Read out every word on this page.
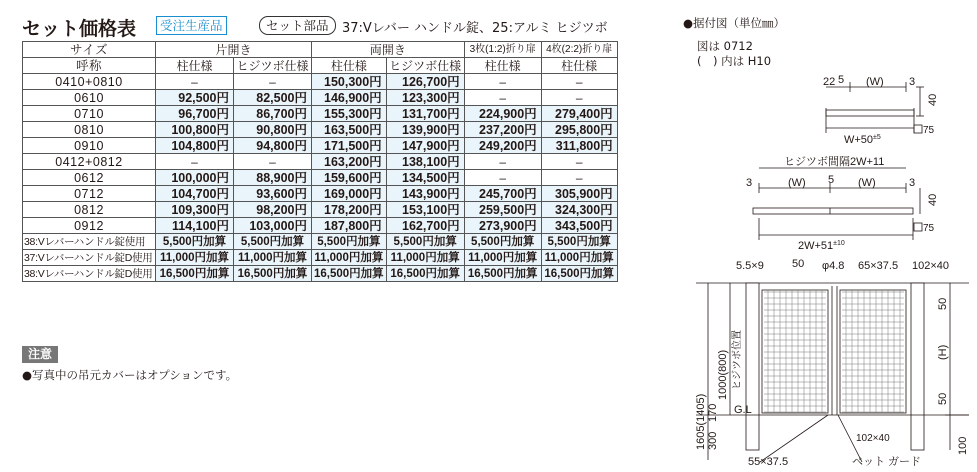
セット価格表	受注生産品	セット部品	37:Vレバー ハンドル錠、25:アルミ ヒジツボ
サイズ	片開き		両開き		3枚(1:2)折り扉	4枚(2:2)折り扉
呼称	柱仕様	ヒジツボ仕様	柱仕様	ヒジツボ仕様	柱仕様	柱仕様
0410+0810	–	–	150,300円	126,700円	–	–
0610	92,500円	82,500円	146,900円	123,300円	–	–
0710	96,700円	86,700円	155,300円	131,700円	224,900円	279,400円
0810	100,800円	90,800円	163,500円	139,900円	237,200円	295,800円
0910	104,800円	94,800円	171,500円	147,900円	249,200円	311,800円
0412+0812	–	–	163,200円	138,100円	–	–
0612	100,000円	88,900円	159,600円	134,500円	–	–
0712	104,700円	93,600円	169,000円	143,900円	245,700円	305,900円
0812	109,300円	98,200円	178,200円	153,100円	259,500円	324,300円
0912	114,100円	103,000円	187,800円	162,700円	273,900円	343,500円
38:Vレバーハンドル錠使用	5,500円加算	5,500円加算	5,500円加算	5,500円加算	5,500円加算	5,500円加算
37:Vレバーハンドル錠D使用	11,000円加算	11,000円加算	11,000円加算	11,000円加算	11,000円加算	11,000円加算
38:Vレバーハンドル錠D使用	16,500円加算	16,500円加算	16,500円加算	16,500円加算	16,500円加算	16,500円加算
注意
●写真中の吊元カバーはオプションです。
●据付図（単位㎜）
図は 0712
(　) 内は H10
22 5 (W) 3
40
$W+50^{\pm 5}$
75
ヒジツボ間隔2W+11
3	(W) 5 (W)	3
40
$2W+51^{\pm 10}$
75
5.5×9	50 φ4.8 65×37.5 102×40
1605(1405)
1000(800) ヒジツボ位置
50
(H)
50
100
G.L
300
170
102×40
55×37.5	ペット ガード
